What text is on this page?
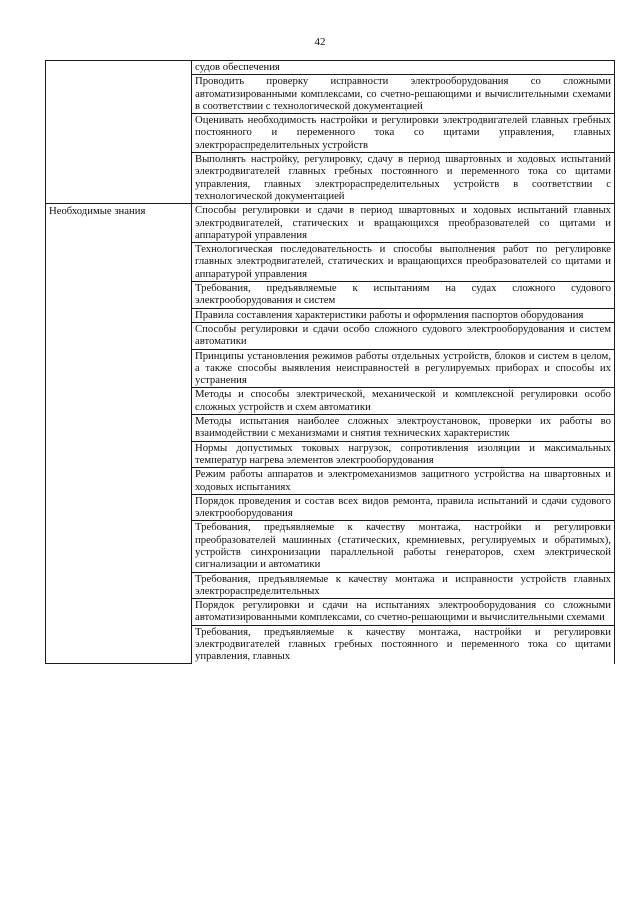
42
	судов обеспечения
	Проводить проверку исправности электрооборудования со сложными автоматизированными комплексами, со счетно-решающими и вычислительными схемами в соответствии с технологической документацией
	Оценивать необходимость настройки и регулировки электродвигателей главных гребных постоянного и переменного тока со щитами управления, главных электрораспределительных устройств
	Выполнять настройку, регулировку, сдачу в период швартовных и ходовых испытаний электродвигателей главных гребных постоянного и переменного тока со щитами управления, главных электрораспределительных устройств в соответствии с технологической документацией

Необходимые знания	Способы регулировки и сдачи в период швартовных и ходовых испытаний главных электродвигателей, статических и вращающихся преобразователей со щитами и аппаратурой управления
	Технологическая последовательность и способы выполнения работ по регулировке главных электродвигателей, статических и вращающихся преобразователей со щитами и аппаратурой управления
	Требования, предъявляемые к испытаниям на судах сложного судового электрооборудования и систем
	Правила составления характеристики работы и оформления паспортов оборудования
	Способы регулировки и сдачи особо сложного судового электрооборудования и систем автоматики
	Принципы установления режимов работы отдельных устройств, блоков и систем в целом, а также способы выявления неисправностей в регулируемых приборах и способы их устранения
	Методы и способы электрической, механической и комплексной регулировки особо сложных устройств и схем автоматики
	Методы испытания наиболее сложных электроустановок, проверки их работы во взаимодействии с механизмами и снятия технических характеристик
	Нормы допустимых токовых нагрузок, сопротивления изоляции и максимальных температур нагрева элементов электрооборудования
	Режим работы аппаратов и электромеханизмов защитного устройства на швартовных и ходовых испытаниях
	Порядок проведения и состав всех видов ремонта, правила испытаний и сдачи судового электрооборудования
	Требования, предъявляемые к качеству монтажа, настройки и регулировки преобразователей машинных (статических, кремниевых, регулируемых и обратимых), устройств синхронизации параллельной работы генераторов, схем электрической сигнализации и автоматики
	Требования, предъявляемые к качеству монтажа и исправности устройств главных электрораспределительных
	Порядок регулировки и сдачи на испытаниях электрооборудования со сложными автоматизированными комплексами, со счетно-решающими и вычислительными схемами
	Требования, предъявляемые к качеству монтажа, настройки и регулировки электродвигателей главных гребных постоянного и переменного тока со щитами управления, главных
